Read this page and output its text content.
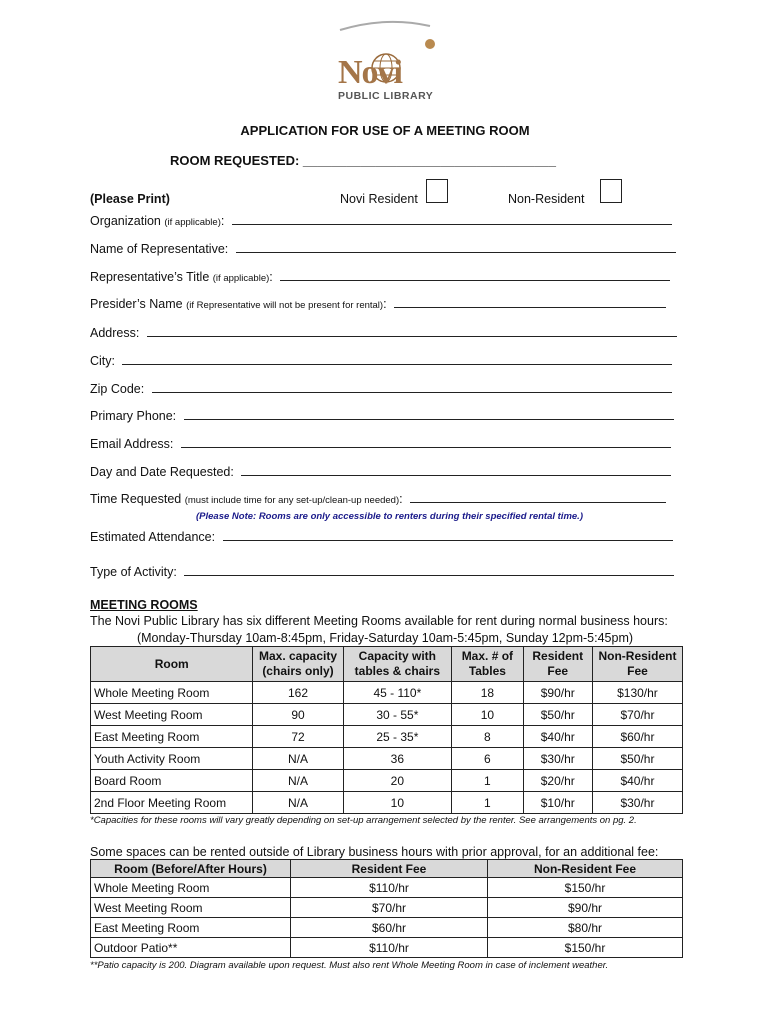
Novi
PUBLIC LIBRARY
APPLICATION FOR USE OF A MEETING ROOM
ROOM REQUESTED: ___________________________________
(Please Print)	Novi Resident	Non-Resident
Organization (if applicable):
Name of Representative:
Representative’s Title (if applicable):
Presider’s Name (if Representative will not be present for rental):
Address:
City:
Zip Code:
Primary Phone:
Email Address:
Day and Date Requested:
Time Requested (must include time for any set-up/clean-up needed):
(Please Note: Rooms are only accessible to renters during their specified rental time.)
Estimated Attendance:
Type of Activity:
MEETING ROOMS
The Novi Public Library has six different Meeting Rooms available for rent during normal business hours:
(Monday-Thursday 10am-8:45pm, Friday-Saturday 10am-5:45pm, Sunday 12pm-5:45pm)
Room	Max. capacity (chairs only)	Capacity with tables & chairs	Max. # of Tables	Resident Fee	Non-Resident Fee
Whole Meeting Room	162	45 - 110*	18	$90/hr	$130/hr
West Meeting Room	90	30 - 55*	10	$50/hr	$70/hr
East Meeting Room	72	25 - 35*	8	$40/hr	$60/hr
Youth Activity Room	N/A	36	6	$30/hr	$50/hr
Board Room	N/A	20	1	$20/hr	$40/hr
2nd Floor Meeting Room	N/A	10	1	$10/hr	$30/hr
*Capacities for these rooms will vary greatly depending on set-up arrangement selected by the renter. See arrangements on pg. 2.
Some spaces can be rented outside of Library business hours with prior approval, for an additional fee:
Room (Before/After Hours)	Resident Fee	Non-Resident Fee
Whole Meeting Room	$110/hr	$150/hr
West Meeting Room	$70/hr	$90/hr
East Meeting Room	$60/hr	$80/hr
Outdoor Patio**	$110/hr	$150/hr
**Patio capacity is 200. Diagram available upon request. Must also rent Whole Meeting Room in case of inclement weather.
